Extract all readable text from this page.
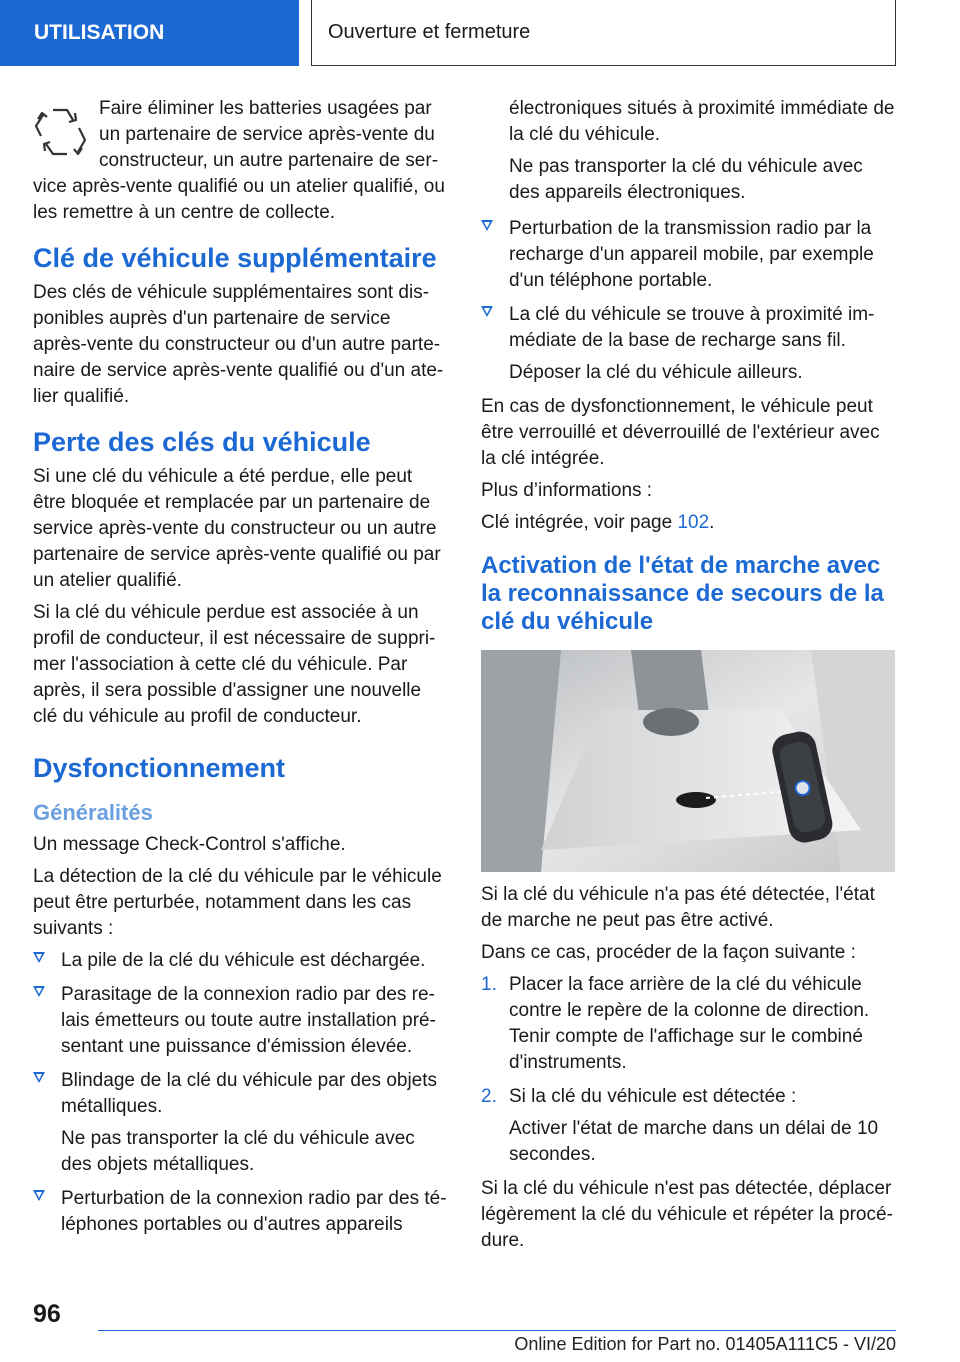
UTILISATION	Ouverture et fermeture

Faire éliminer les batteries usagées par un partenaire de service après-vente du constructeur, un autre partenaire de ser-vice après-vente qualifié ou un atelier qualifié, ou les remettre à un centre de collecte.

Clé de véhicule supplémentaire

Des clés de véhicule supplémentaires sont dis-ponibles auprès d'un partenaire de service après-vente du constructeur ou d'un autre parte-naire de service après-vente qualifié ou d'un ate-lier qualifié.

Perte des clés du véhicule

Si une clé du véhicule a été perdue, elle peut être bloquée et remplacée par un partenaire de service après-vente du constructeur ou un autre partenaire de service après-vente qualifié ou par un atelier qualifié.

Si la clé du véhicule perdue est associée à un profil de conducteur, il est nécessaire de suppri-mer l'association à cette clé du véhicule. Par après, il sera possible d'assigner une nouvelle clé du véhicule au profil de conducteur.

Dysfonctionnement
Généralités

Un message Check-Control s'affiche.

La détection de la clé du véhicule par le véhicule peut être perturbée, notamment dans les cas suivants :

La pile de la clé du véhicule est déchargée.
Parasitage de la connexion radio par des re-lais émetteurs ou toute autre installation pré-sentant une puissance d'émission élevée.
Blindage de la clé du véhicule par des objets métalliques.
Ne pas transporter la clé du véhicule avec des objets métalliques.
Perturbation de la connexion radio par des té-léphones portables ou d'autres appareils

électroniques situés à proximité immédiate de la clé du véhicule.

Ne pas transporter la clé du véhicule avec des appareils électroniques.

Perturbation de la transmission radio par la recharge d'un appareil mobile, par exemple d'un téléphone portable.
La clé du véhicule se trouve à proximité im-médiate de la base de recharge sans fil.
Déposer la clé du véhicule ailleurs.

En cas de dysfonctionnement, le véhicule peut être verrouillé et déverrouillé de l'extérieur avec la clé intégrée.

Plus d’informations :

Clé intégrée, voir page 102.

Activation de l'état de marche avec la reconnaissance de secours de la clé du véhicule

Si la clé du véhicule n'a pas été détectée, l'état de marche ne peut pas être activé.

Dans ce cas, procéder de la façon suivante :

1. Placer la face arrière de la clé du véhicule contre le repère de la colonne de direction. Tenir compte de l'affichage sur le combiné d'instruments.
2. Si la clé du véhicule est détectée :
Activer l'état de marche dans un délai de 10 secondes.

Si la clé du véhicule n'est pas détectée, déplacer légèrement la clé du véhicule et répéter la procé-dure.

96
Online Edition for Part no. 01405A111C5 - VI/20
